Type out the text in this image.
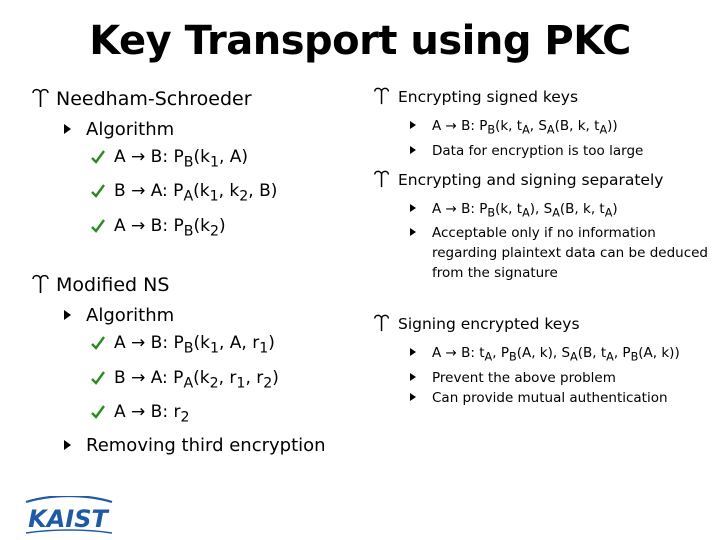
Key Transport using PKC
Needham-Schroeder
Algorithm
A → B: $P_B(k_1$, A)
B → A: $P_A(k_1$, $k_2$, B)
A → B: $P_B(k_2)$
Modified NS
Algorithm
A → B: $P_B(k_1$, A, $r_1$)
B → A: $P_A(k_2$, $r_1$, $r_2$)
A → B: $r_2$
Removing third encryption
Encrypting signed keys
A → B: $P_B(k$, $t_A$, $S_A(B$, k, $t_A$))
Data for encryption is too large
Encrypting and signing separately
A → B: $P_B(k$, $t_A$), $S_A(B$, k, $t_A$)
Acceptable only if no information regarding plaintext data can be deduced from the signature
Signing encrypted keys
A → B: $t_A$, $P_B(A$, k), $S_A(B$, $t_A$, $P_B(A$, k))
Prevent the above problem
Can provide mutual authentication
KAIST
